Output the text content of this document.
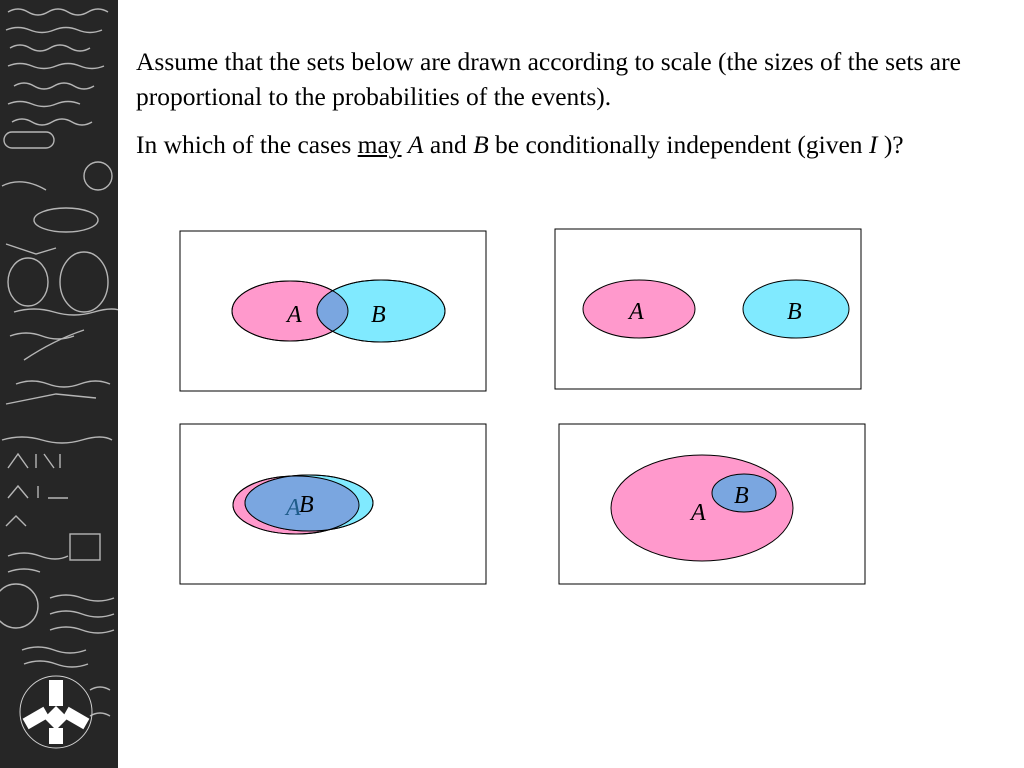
Assume that the sets below are drawn according to scale (the sizes of the sets are proportional to the probabilities of the events).

In which of the cases may A and B be conditionally independent (given I )?

A	B	A	B
A
B	A
B
